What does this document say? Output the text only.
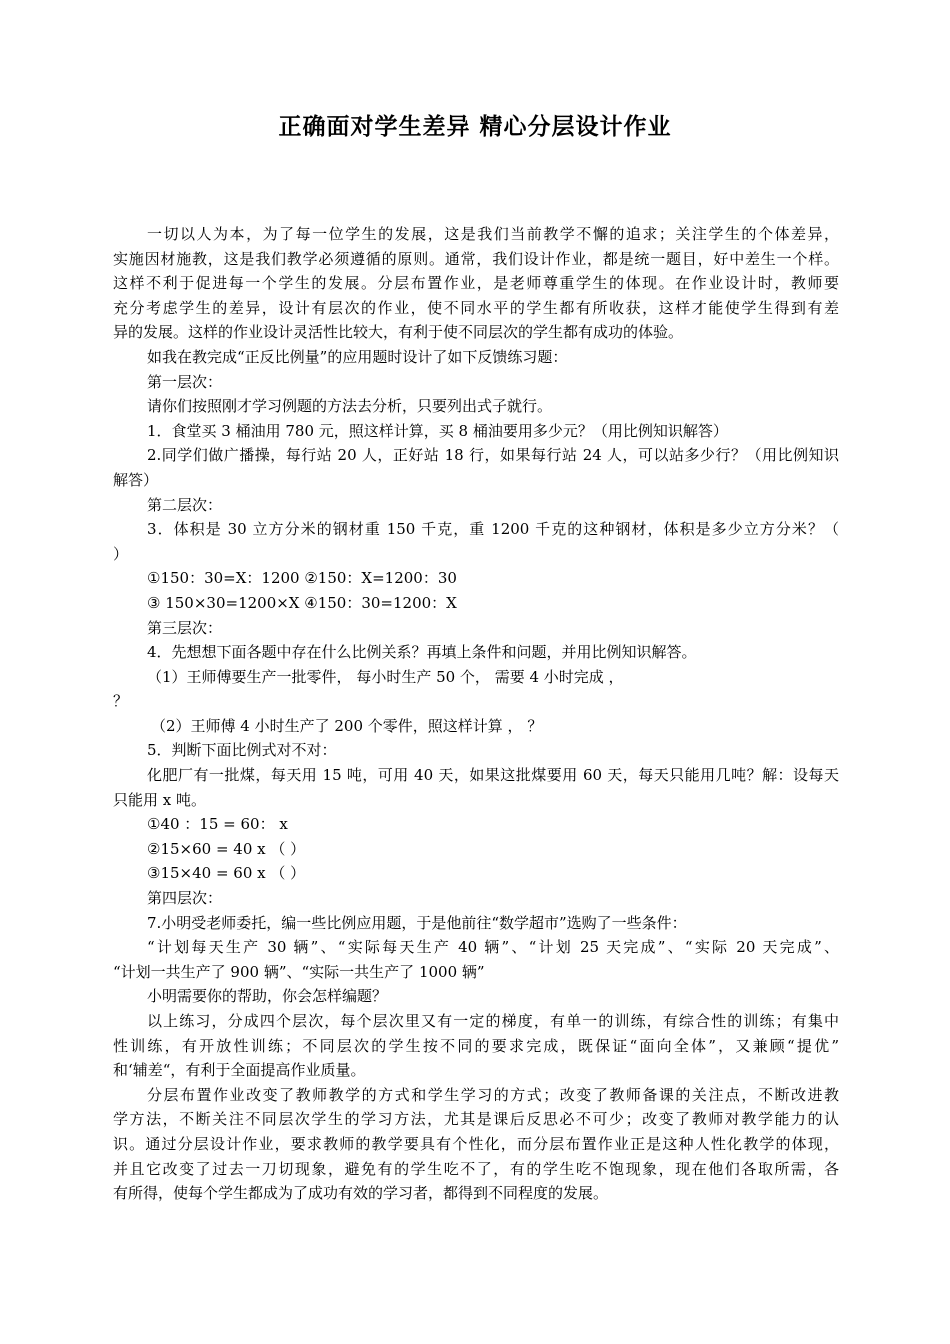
正确面对学生差异 精心分层设计作业

一切以人为本，为了每一位学生的发展，这是我们当前教学不懈的追求；关注学生的个体差异，

实施因材施教，这是我们教学必须遵循的原则。通常，我们设计作业，都是统一题目，好中差生一个样。

这样不利于促进每一个学生的发展。分层布置作业，是老师尊重学生的体现。在作业设计时，教师要

充分考虑学生的差异，设计有层次的作业，使不同水平的学生都有所收获，这样才能使学生得到有差

异的发展。这样的作业设计灵活性比较大，有利于使不同层次的学生都有成功的体验。

如我在教完成“正反比例量”的应用题时设计了如下反馈练习题：

第一层次：

请你们按照刚才学习例题的方法去分析，只要列出式子就行。

1．食堂买 3 桶油用 780 元，照这样计算，买 8 桶油要用多少元？（用比例知识解答）

2.同学们做广播操，每行站 20 人，正好站 18 行，如果每行站 24 人，可以站多少行？（用比例知识

解答）

第二层次：

3．体积是 30 立方分米的钢材重 150 千克，重 1200 千克的这种钢材，体积是多少立方分米？（

）

①150：30=X：1200 ②150：X=1200：30

③ 150×30=1200×X ④150：30=1200：X

第三层次：

4．先想想下面各题中存在什么比例关系？再填上条件和问题，并用比例知识解答。

（1）王师傅要生产一批零件， 每小时生产 50 个， 需要 4 小时完成 ，

？

（2）王师傅 4 小时生产了 200 个零件，照这样计算 ， ？

5．判断下面比例式对不对：

化肥厂有一批煤，每天用 15 吨，可用 40 天，如果这批煤要用 60 天，每天只能用几吨？解：设每天

只能用 x 吨。

①40 ：15 = 60： x

②15×60 = 40 x （ ）

③15×40 = 60 x （ ）

第四层次：

7.小明受老师委托，编一些比例应用题，于是他前往“数学超市”选购了一些条件：

“计划每天生产 30 辆”、“实际每天生产 40 辆”、“计划 25 天完成”、“实际 20 天完成”、

“计划一共生产了 900 辆”、“实际一共生产了 1000 辆”

小明需要你的帮助，你会怎样编题？

以上练习，分成四个层次，每个层次里又有一定的梯度，有单一的训练，有综合性的训练；有集中

性训练，有开放性训练；不同层次的学生按不同的要求完成，既保证“面向全体”，又兼顾“提优”

和‘辅差“，有利于全面提高作业质量。

分层布置作业改变了教师教学的方式和学生学习的方式；改变了教师备课的关注点，不断改进教

学方法，不断关注不同层次学生的学习方法，尤其是课后反思必不可少；改变了教师对教学能力的认

识。通过分层设计作业，要求教师的教学要具有个性化，而分层布置作业正是这种人性化教学的体现，

并且它改变了过去一刀切现象，避免有的学生吃不了，有的学生吃不饱现象，现在他们各取所需，各

有所得，使每个学生都成为了成功有效的学习者，都得到不同程度的发展。
